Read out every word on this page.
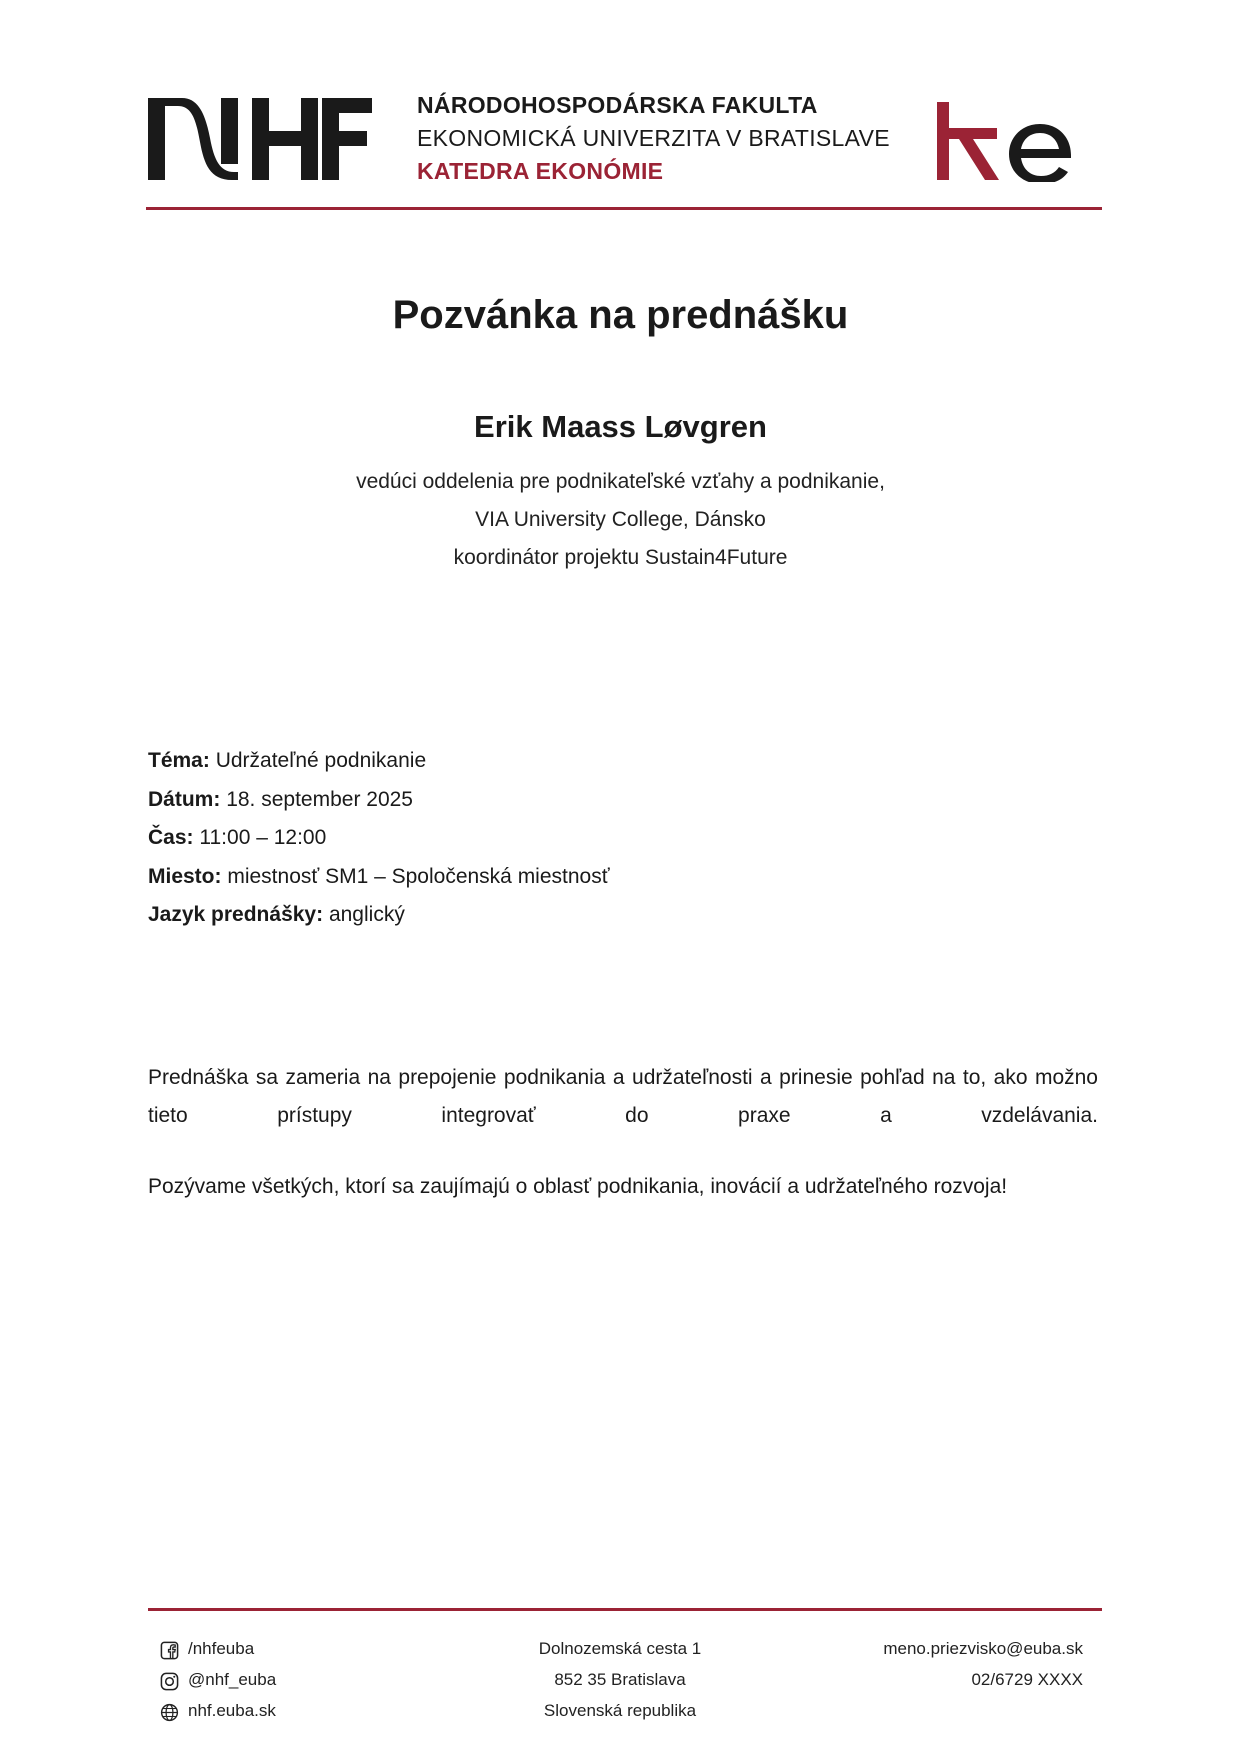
NÁRODOHOSPODÁRSKA FAKULTA
EKONOMICKÁ UNIVERZITA V BRATISLAVE
KATEDRA EKONÓMIE
Pozvánka na prednášku
Erik Maass Løvgren
vedúci oddelenia pre podnikateľské vzťahy a podnikanie,
VIA University College, Dánsko
koordinátor projektu Sustain4Future
Téma: Udržateľné podnikanie
Dátum: 18. september 2025
Čas: 11:00 – 12:00
Miesto: miestnosť SM1 – Spoločenská miestnosť
Jazyk prednášky: anglický
Prednáška sa zameria na prepojenie podnikania a udržateľnosti a prinesie pohľad na to, ako možno tieto prístupy integrovať do praxe a vzdelávania.
Pozývame všetkých, ktorí sa zaujímajú o oblasť podnikania, inovácií a udržateľného rozvoja!
/nhfeuba
@nhf_euba
nhf.euba.sk
Dolnozemská cesta 1
852 35 Bratislava
Slovenská republika
meno.priezvisko@euba.sk
02/6729 XXXX
